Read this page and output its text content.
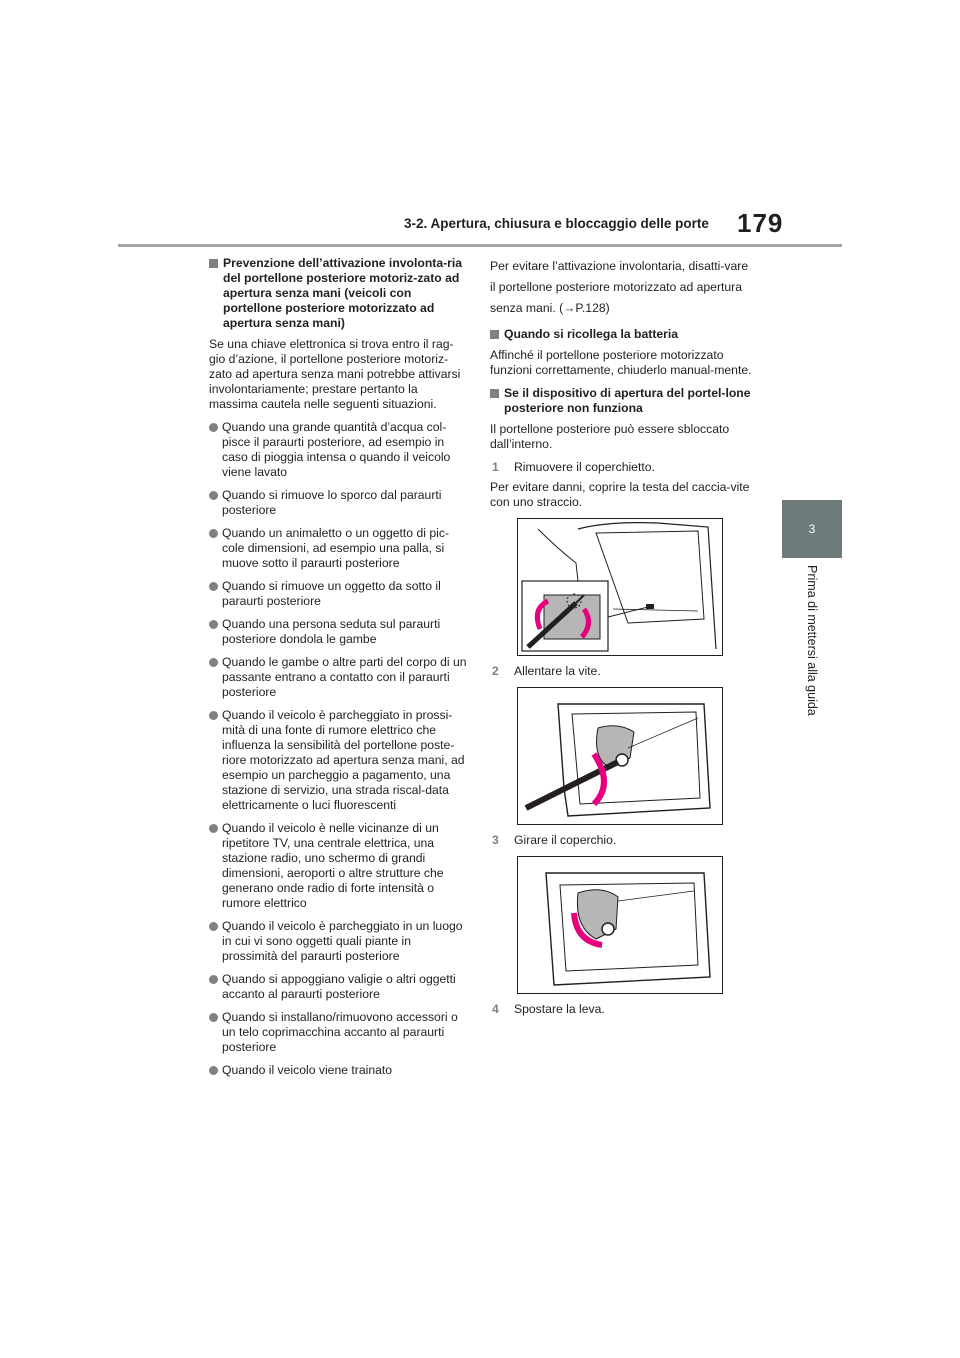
3-2. Apertura, chiusura e bloccaggio delle porte 179
3
Prima di mettersi alla guida
Prevenzione dell’attivazione involonta-ria del portellone posteriore motoriz-zato ad apertura senza mani (veicoli con portellone posteriore motorizzato ad apertura senza mani)

Se una chiave elettronica si trova entro il rag-gio d’azione, il portellone posteriore motoriz-zato ad apertura senza mani potrebbe attivarsi involontariamente; prestare pertanto la massima cautela nelle seguenti situazioni.

Quando una grande quantità d’acqua col-pisce il paraurti posteriore, ad esempio in caso di pioggia intensa o quando il veicolo viene lavato
Quando si rimuove lo sporco dal paraurti posteriore
Quando un animaletto o un oggetto di pic-cole dimensioni, ad esempio una palla, si muove sotto il paraurti posteriore
Quando si rimuove un oggetto da sotto il paraurti posteriore
Quando una persona seduta sul paraurti posteriore dondola le gambe
Quando le gambe o altre parti del corpo di un passante entrano a contatto con il paraurti posteriore
Quando il veicolo è parcheggiato in prossi-mità di una fonte di rumore elettrico che influenza la sensibilità del portellone poste-riore motorizzato ad apertura senza mani, ad esempio un parcheggio a pagamento, una stazione di servizio, una strada riscal-data elettricamente o luci fluorescenti
Quando il veicolo è nelle vicinanze di un ripetitore TV, una centrale elettrica, una stazione radio, uno schermo di grandi dimensioni, aeroporti o altre strutture che generano onde radio di forte intensità o rumore elettrico
Quando il veicolo è parcheggiato in un luogo in cui vi sono oggetti quali piante in prossimità del paraurti posteriore
Quando si appoggiano valigie o altri oggetti accanto al paraurti posteriore
Quando si installano/rimuovono accessori o un telo coprimacchina accanto al paraurti posteriore
Quando il veicolo viene trainato

Per evitare l’attivazione involontaria, disatti-vare il portellone posteriore motorizzato ad apertura senza mani. (→P.128)

Quando si ricollega la batteria

Affinché il portellone posteriore motorizzato funzioni correttamente, chiuderlo manual-mente.

Se il dispositivo di apertura del portel-lone posteriore non funziona

Il portellone posteriore può essere sbloccato dall’interno.

1 Rimuovere il coperchietto.

Per evitare danni, coprire la testa del caccia-vite con uno straccio.

2 Allentare la vite.
3 Girare il coperchio.
4 Spostare la leva.
